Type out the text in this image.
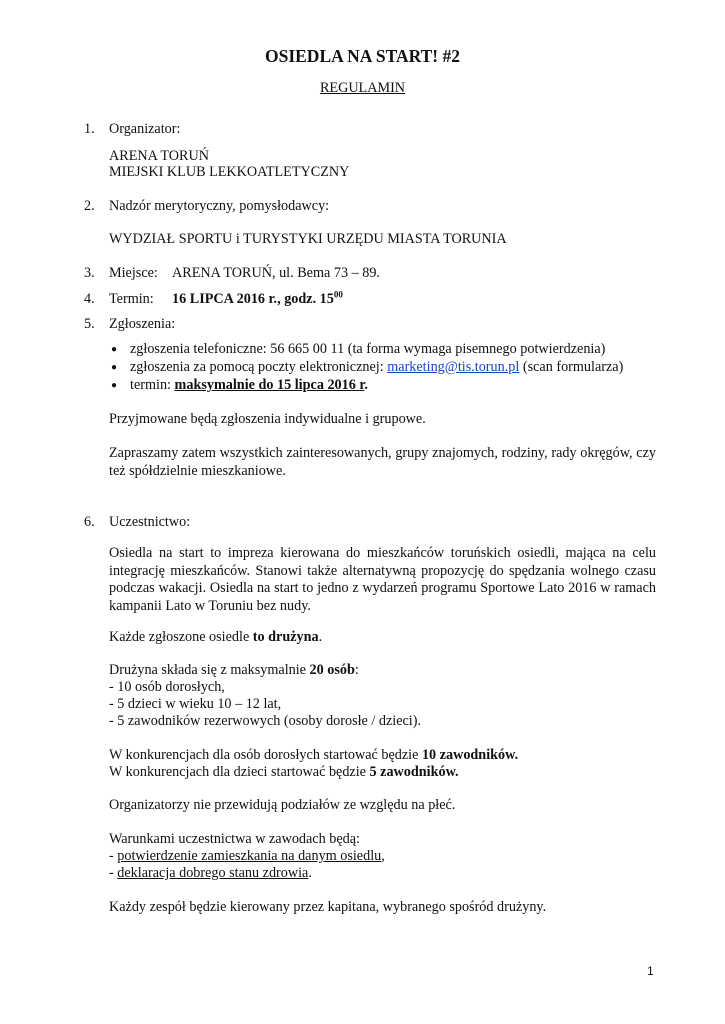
OSIEDLA NA START! #2
REGULAMIN
1. Organizator:
ARENA TORUŃ
MIEJSKI KLUB LEKKOATLETYCZNY
2. Nadzór merytoryczny, pomysłodawcy:
WYDZIAŁ SPORTU i TURYSTYKI URZĘDU MIASTA TORUNIA
3. Miejsce: ARENA TORUŃ, ul. Bema 73 – 89.
4. Termin: 16 LIPCA 2016 r., godz. $15^{00}$
5. Zgłoszenia:
● zgłoszenia telefoniczne: 56 665 00 11 (ta forma wymaga pisemnego potwierdzenia)
● zgłoszenia za pomocą poczty elektronicznej: marketing@tis.torun.pl (scan formularza)
● termin: maksymalnie do 15 lipca 2016 r.
Przyjmowane będą zgłoszenia indywidualne i grupowe.
Zapraszamy zatem wszystkich zainteresowanych, grupy znajomych, rodziny, rady okręgów, czy też spółdzielnie mieszkaniowe.
6. Uczestnictwo:
Osiedla na start to impreza kierowana do mieszkańców toruńskich osiedli, mająca na celu integrację mieszkańców. Stanowi także alternatywną propozycję do spędzania wolnego czasu podczas wakacji. Osiedla na start to jedno z wydarzeń programu Sportowe Lato 2016 w ramach kampanii Lato w Toruniu bez nudy.
Każde zgłoszone osiedle to drużyna.
Drużyna składa się z maksymalnie 20 osób:
- 10 osób dorosłych,
- 5 dzieci w wieku 10 – 12 lat,
- 5 zawodników rezerwowych (osoby dorosłe / dzieci).
W konkurencjach dla osób dorosłych startować będzie 10 zawodników.
W konkurencjach dla dzieci startować będzie 5 zawodników.
Organizatorzy nie przewidują podziałów ze względu na płeć.
Warunkami uczestnictwa w zawodach będą:
- potwierdzenie zamieszkania na danym osiedlu,
- deklaracja dobrego stanu zdrowia.
Każdy zespół będzie kierowany przez kapitana, wybranego spośród drużyny.
1
